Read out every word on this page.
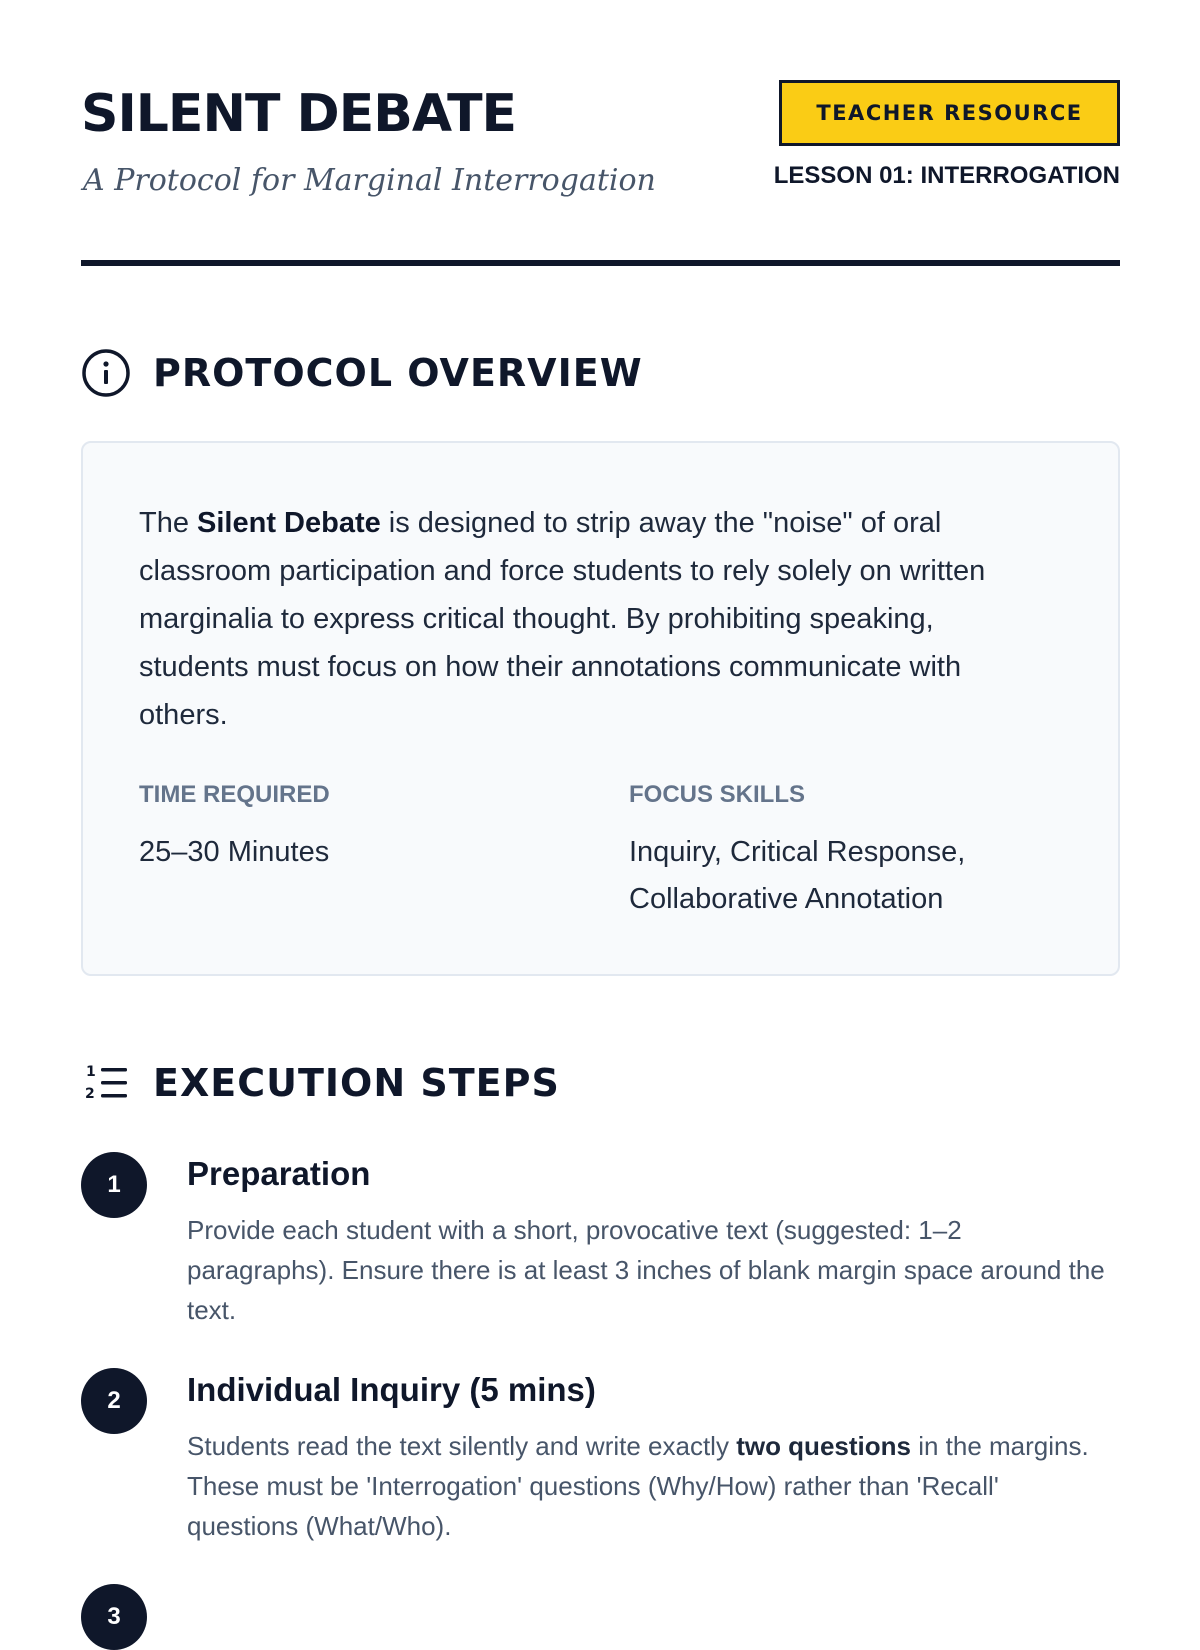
SILENT DEBATE
A Protocol for Marginal Interrogation
TEACHER RESOURCE
LESSON 01: INTERROGATION
PROTOCOL OVERVIEW

The Silent Debate is designed to strip away the "noise" of oral classroom participation and force students to rely solely on written marginalia to express critical thought. By prohibiting speaking, students must focus on how their annotations communicate with others.

TIME REQUIRED
25–30 Minutes
FOCUS SKILLS
Inquiry, Critical Response, Collaborative Annotation
1
2 EXECUTION STEPS
1	Preparation

Provide each student with a short, provocative text (suggested: 1–2 paragraphs). Ensure there is at least 3 inches of blank margin space around the text.

2	Individual Inquiry (5 mins)

Students read the text silently and write exactly two questions in the margins. These must be 'Interrogation' questions (Why/How) rather than 'Recall' questions (What/Who).

3
